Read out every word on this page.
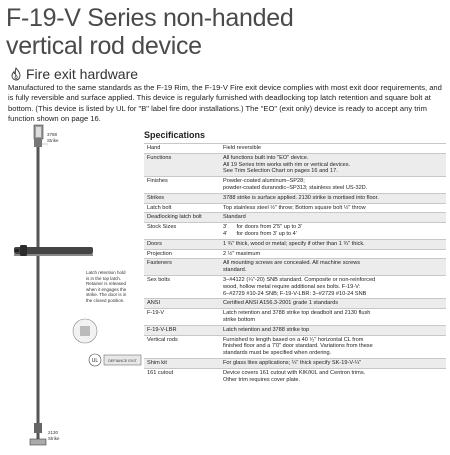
F-19-V Series non-handed
vertical rod device
Fire exit hardware
Manufactured to the same standards as the F-19 Rim, the F-19-V Fire exit device complies with most exit door requirements, and is fully reversible and surface applied. This device is regularly furnished with deadlocking top latch retention and square bolt at bottom. (This device is listed by UL for "B" label fire door installations.) The "EO" (exit only) device is ready to accept any trim function shown on page 16.
UL	DEFIANCE EXIT
3788
Strike
Latch retention hold
is in the top latch.
Retainer is released
when it engages the
strike. The door is in
the closed position.
2130
Strike
Specifications
Hand	Field reversible
Functions	All functions built into "EO" device.
All 19 Series trim works with rim or vertical devices.
See Trim Selection Chart on pages 16 and 17.
Finishes	Powder-coated aluminum–SP28;
powder-coated duranodic–SP313; stainless steel US-32D.
Strikes	3788 strike is surface applied. 2130 strike is mortised into floor.
Latch bolt	Top stainless steel ½" throw; Bottom square bolt ½" throw
Deadlocking latch bolt	Standard
Stock Sizes	3'      for doors from 2'5" up to 3'
4'      for doors from 3' up to 4'
Doors	1 ¾" thick, wood or metal; specify if other than 1 ¾" thick.
Projection	2 ½" maximum
Fasteners	All mounting screws are concealed. All machine screws
standard.
Sex bolts	3–#4122 (¼"-20) SNB standard. Composite or non-reinforced
wood, hollow metal require additional sex bolts. F-19-V:
6–#2729 #10-24 SNB; F-19-V-LBR: 3–#2729 #10-24 SNB
ANSI	Certified ANSI A156.3-2001 grade 1 standards
F-19-V	Latch retention and 3788 strike top deadbolt and 2130 flush
strike bottom
F-19-V-LBR	Latch retention and 3788 strike top
Vertical rods	Furnished to length based on a 40 ¹⁄₂" horizontal CL from
finished floor and a 7'0" door standard. Variations from these
standards must be specified when ordering.
Shim kit	For glass lites applications; ¼" thick specify SK-19-V-¼"
161 cutout	Device covers 161 cutout with KIK/KIL and Centron trims.
Other trim requires cover plate.
